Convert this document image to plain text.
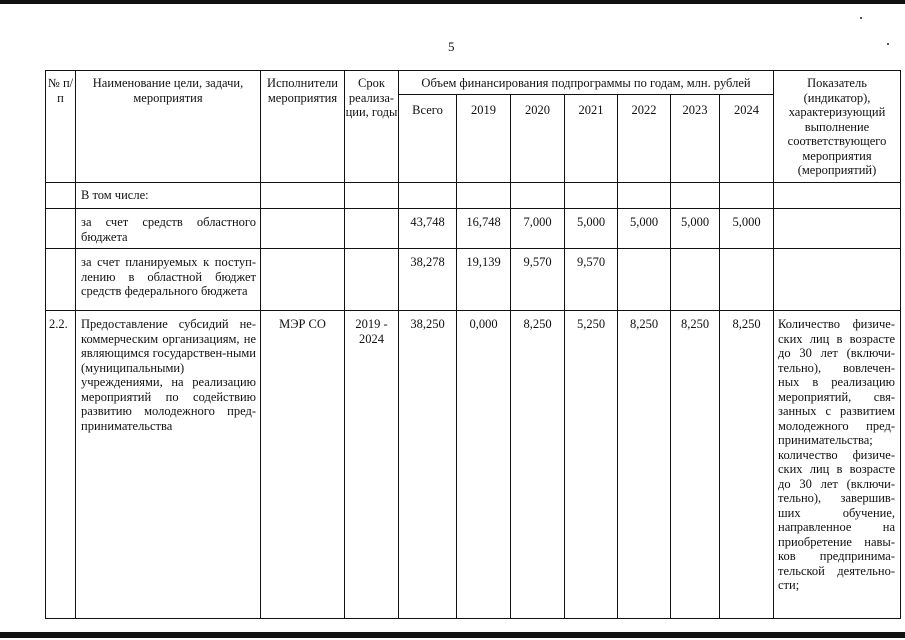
5
№ п/п	Наименование цели, задачи, мероприятия	Исполнители мероприятия	Срок реализа-ции, годы	Объем финансирования подпрограммы по годам, млн. рублей							Показатель (индикатор), характеризующий выполнение соответствующего мероприятия (мероприятий)
				Всего	2019	2020	2021	2022	2023	2024	
	В том числе:										
	за счет средств областного бюджета			43,748	16,748	7,000	5,000	5,000	5,000	5,000	
	за счет планируемых к поступ-лению в областной бюджет средств федерального бюджета			38,278	19,139	9,570	9,570				
2.2.	Предоставление субсидий не-коммерческим организациям, не являющимся государствен-ными (муниципальными) учреждениями, на реализацию мероприятий по содействию развитию молодежного пред-принимательства	МЭР СО	2019 - 2024	38,250	0,000	8,250	5,250	8,250	8,250	8,250	Количество физиче-ских лиц в возрасте до 30 лет (включи-тельно), вовлечен-ных в реализацию мероприятий, свя-занных с развитием молодежного пред-принимательства; количество физиче-ских лиц в возрасте до 30 лет (включи-тельно), завершив-ших обучение, направленное на приобретение навы-ков предпринима-тельской деятельно-сти;
